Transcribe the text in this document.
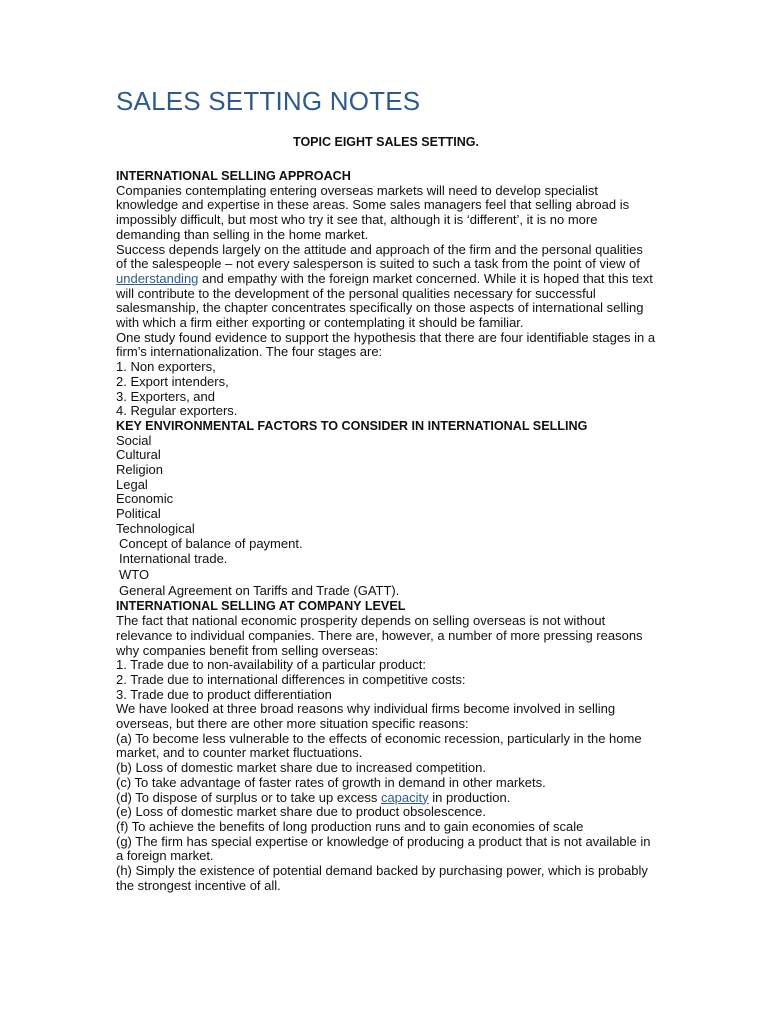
SALES SETTING NOTES
TOPIC EIGHT SALES SETTING.
INTERNATIONAL SELLING APPROACH
Companies contemplating entering overseas markets will need to develop specialist knowledge and expertise in these areas. Some sales managers feel that selling abroad is impossibly difficult, but most who try it see that, although it is ‘different’, it is no more demanding than selling in the home market.
Success depends largely on the attitude and approach of the firm and the personal qualities of the salespeople – not every salesperson is suited to such a task from the point of view of understanding and empathy with the foreign market concerned. While it is hoped that this text will contribute to the development of the personal qualities necessary for successful salesmanship, the chapter concentrates specifically on those aspects of international selling with which a firm either exporting or contemplating it should be familiar.
One study found evidence to support the hypothesis that there are four identifiable stages in a firm’s internationalization. The four stages are:
1. Non exporters,
2. Export intenders,
3. Exporters, and
4. Regular exporters.
KEY ENVIRONMENTAL FACTORS TO CONSIDER IN INTERNATIONAL SELLING
Social
Cultural
Religion
Legal
Economic
Political
Technological
Concept of balance of payment.
International trade.
WTO
General Agreement on Tariffs and Trade (GATT).
INTERNATIONAL SELLING AT COMPANY LEVEL
The fact that national economic prosperity depends on selling overseas is not without relevance to individual companies. There are, however, a number of more pressing reasons why companies benefit from selling overseas:
1. Trade due to non-availability of a particular product:
2. Trade due to international differences in competitive costs:
3. Trade due to product differentiation
We have looked at three broad reasons why individual firms become involved in selling overseas, but there are other more situation specific reasons:
(a) To become less vulnerable to the effects of economic recession, particularly in the home market, and to counter market fluctuations.
(b) Loss of domestic market share due to increased competition.
(c) To take advantage of faster rates of growth in demand in other markets.
(d) To dispose of surplus or to take up excess capacity in production.
(e) Loss of domestic market share due to product obsolescence.
(f) To achieve the benefits of long production runs and to gain economies of scale
(g) The firm has special expertise or knowledge of producing a product that is not available in a foreign market.
(h) Simply the existence of potential demand backed by purchasing power, which is probably the strongest incentive of all.
